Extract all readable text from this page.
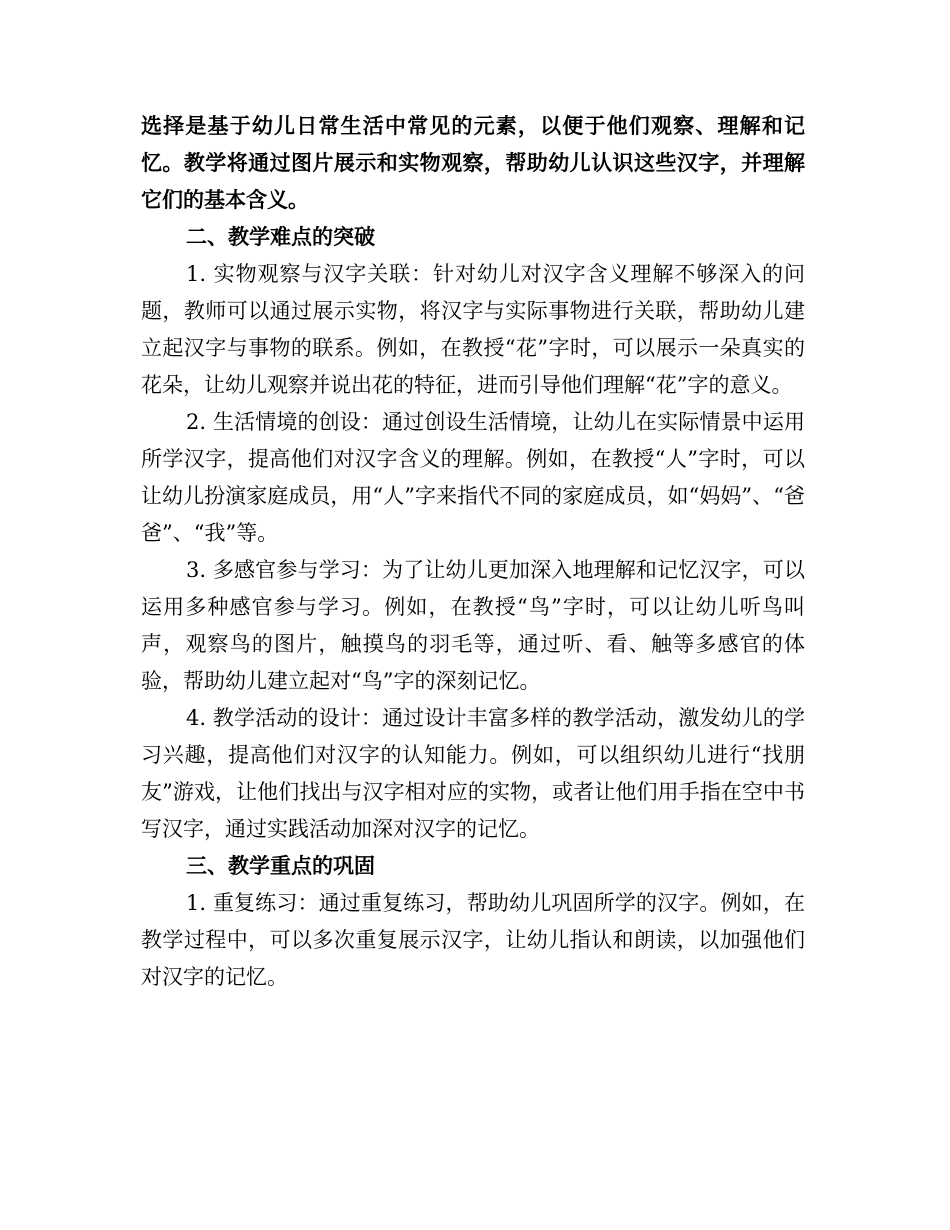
选择是基于幼儿日常生活中常见的元素，以便于他们观察、理解和记忆。教学将通过图片展示和实物观察，帮助幼儿认识这些汉字，并理解它们的基本含义。

二、教学难点的突破

1. 实物观察与汉字关联：针对幼儿对汉字含义理解不够深入的问题，教师可以通过展示实物，将汉字与实际事物进行关联，帮助幼儿建立起汉字与事物的联系。例如，在教授“花”字时，可以展示一朵真实的花朵，让幼儿观察并说出花的特征，进而引导他们理解“花”字的意义。

2. 生活情境的创设：通过创设生活情境，让幼儿在实际情景中运用所学汉字，提高他们对汉字含义的理解。例如，在教授“人”字时，可以让幼儿扮演家庭成员，用“人”字来指代不同的家庭成员，如“妈妈”、“爸爸”、“我”等。

3. 多感官参与学习：为了让幼儿更加深入地理解和记忆汉字，可以运用多种感官参与学习。例如，在教授“鸟”字时，可以让幼儿听鸟叫声，观察鸟的图片，触摸鸟的羽毛等，通过听、看、触等多感官的体验，帮助幼儿建立起对“鸟”字的深刻记忆。

4. 教学活动的设计：通过设计丰富多样的教学活动，激发幼儿的学习兴趣，提高他们对汉字的认知能力。例如，可以组织幼儿进行“找朋友”游戏，让他们找出与汉字相对应的实物，或者让他们用手指在空中书写汉字，通过实践活动加深对汉字的记忆。

三、教学重点的巩固

1. 重复练习：通过重复练习，帮助幼儿巩固所学的汉字。例如，在教学过程中，可以多次重复展示汉字，让幼儿指认和朗读，以加强他们对汉字的记忆。
